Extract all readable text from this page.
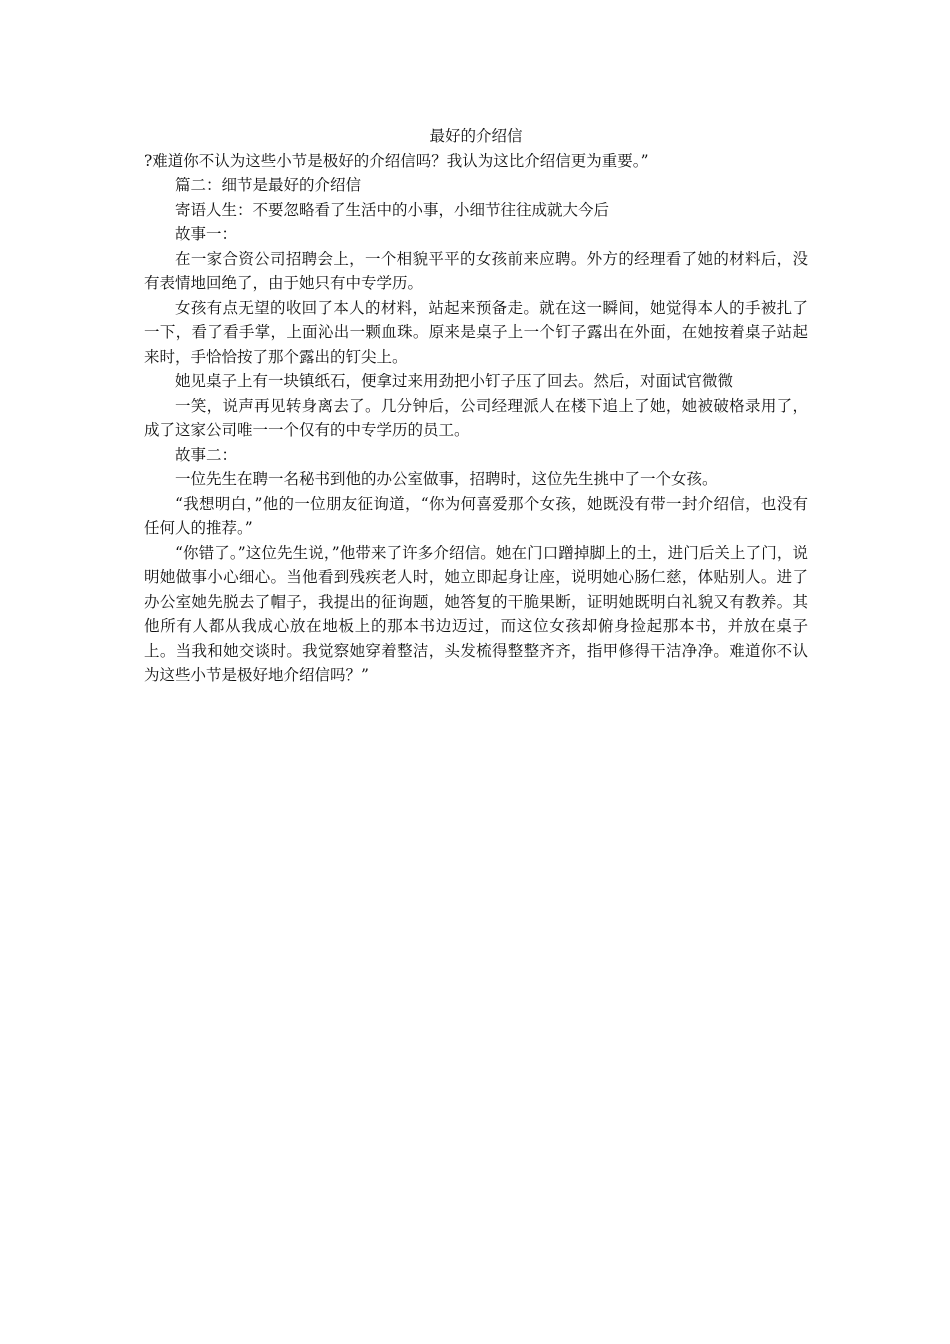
最好的介绍信

?难道你不认为这些小节是极好的介绍信吗？我认为这比介绍信更为重要。”

篇二：细节是最好的介绍信

寄语人生：不要忽略看了生活中的小事，小细节往往成就大今后

故事一：

在一家合资公司招聘会上，一个相貌平平的女孩前来应聘。外方的经理看了她的材料后，没有表情地回绝了，由于她只有中专学历。

女孩有点无望的收回了本人的材料，站起来预备走。就在这一瞬间，她觉得本人的手被扎了一下，看了看手掌，上面沁出一颗血珠。原来是桌子上一个钉子露出在外面，在她按着桌子站起来时，手恰恰按了那个露出的钉尖上。

她见桌子上有一块镇纸石，便拿过来用劲把小钉子压了回去。然后，对面试官微微

一笑，说声再见转身离去了。几分钟后，公司经理派人在楼下追上了她，她被破格录用了，成了这家公司唯一一个仅有的中专学历的员工。

故事二：

一位先生在聘一名秘书到他的办公室做事，招聘时，这位先生挑中了一个女孩。

“我想明白，”他的一位朋友征询道，“你为何喜爱那个女孩，她既没有带一封介绍信，也没有任何人的推荐。”

“你错了。”这位先生说，”他带来了许多介绍信。她在门口蹭掉脚上的土，进门后关上了门，说明她做事小心细心。当他看到残疾老人时，她立即起身让座，说明她心肠仁慈，体贴别人。进了办公室她先脱去了帽子，我提出的征询题，她答复的干脆果断，证明她既明白礼貌又有教养。其他所有人都从我成心放在地板上的那本书边迈过，而这位女孩却俯身捡起那本书，并放在桌子上。当我和她交谈时。我觉察她穿着整洁，头发梳得整整齐齐，指甲修得干洁净净。难道你不认为这些小节是极好地介绍信吗？”
